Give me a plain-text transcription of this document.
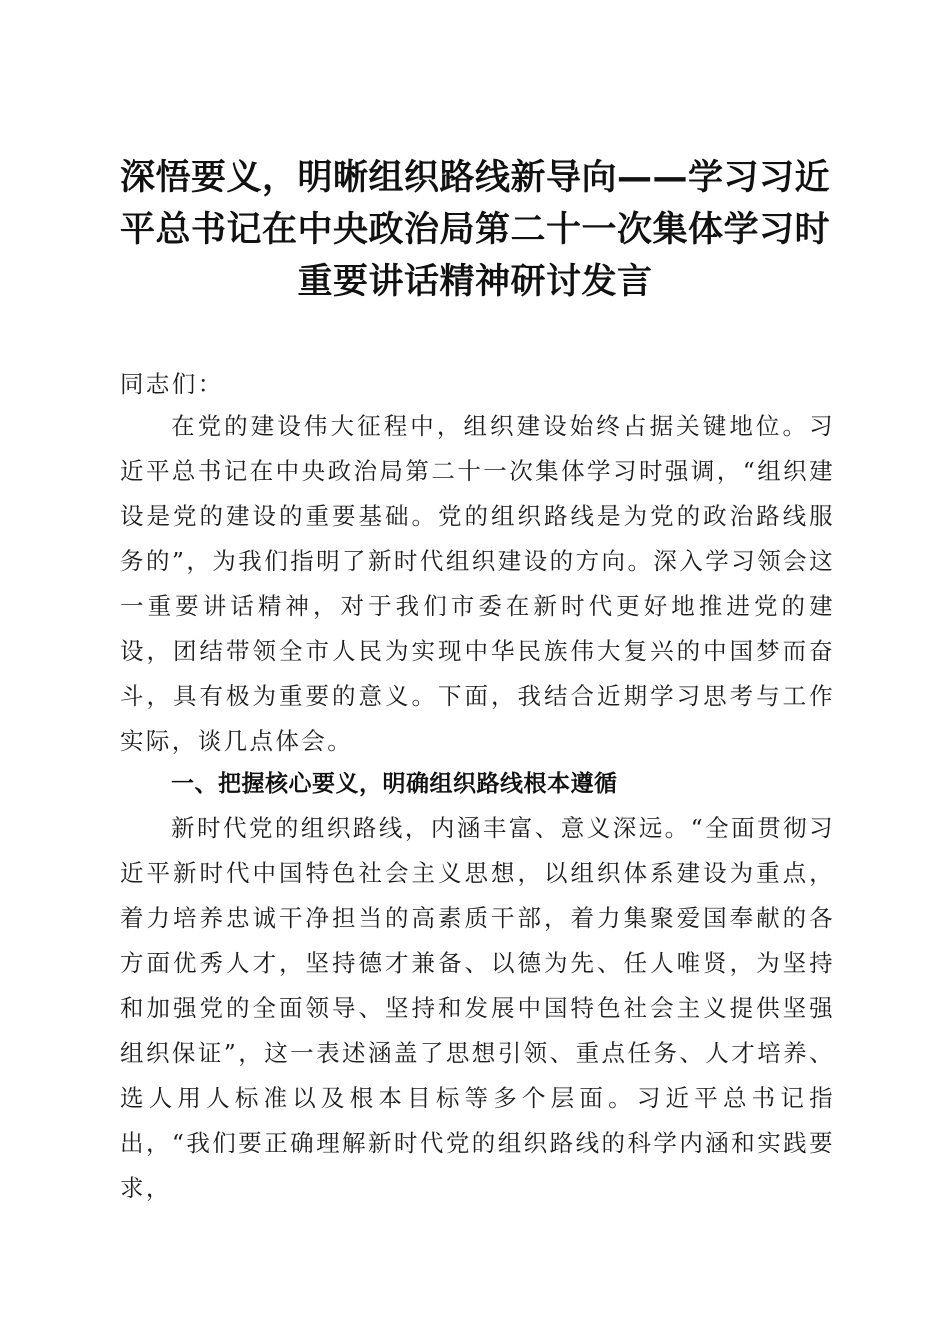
深悟要义，明晰组织路线新导向——学习习近
平总书记在中央政治局第二十一次集体学习时
重要讲话精神研讨发言

同志们：

在党的建设伟大征程中，组织建设始终占据关键地位。习近平总书记在中央政治局第二十一次集体学习时强调，“组织建设是党的建设的重要基础。党的组织路线是为党的政治路线服务的”，为我们指明了新时代组织建设的方向。深入学习领会这一重要讲话精神，对于我们市委在新时代更好地推进党的建设，团结带领全市人民为实现中华民族伟大复兴的中国梦而奋斗，具有极为重要的意义。下面，我结合近期学习思考与工作实际，谈几点体会。

一、把握核心要义，明确组织路线根本遵循

新时代党的组织路线，内涵丰富、意义深远。“全面贯彻习近平新时代中国特色社会主义思想，以组织体系建设为重点，着力培养忠诚干净担当的高素质干部，着力集聚爱国奉献的各方面优秀人才，坚持德才兼备、以德为先、任人唯贤，为坚持和加强党的全面领导、坚持和发展中国特色社会主义提供坚强组织保证”，这一表述涵盖了思想引领、重点任务、人才培养、选人用人标准以及根本目标等多个层面。习近平总书记指出，“我们要正确理解新时代党的组织路线的科学内涵和实践要求，
